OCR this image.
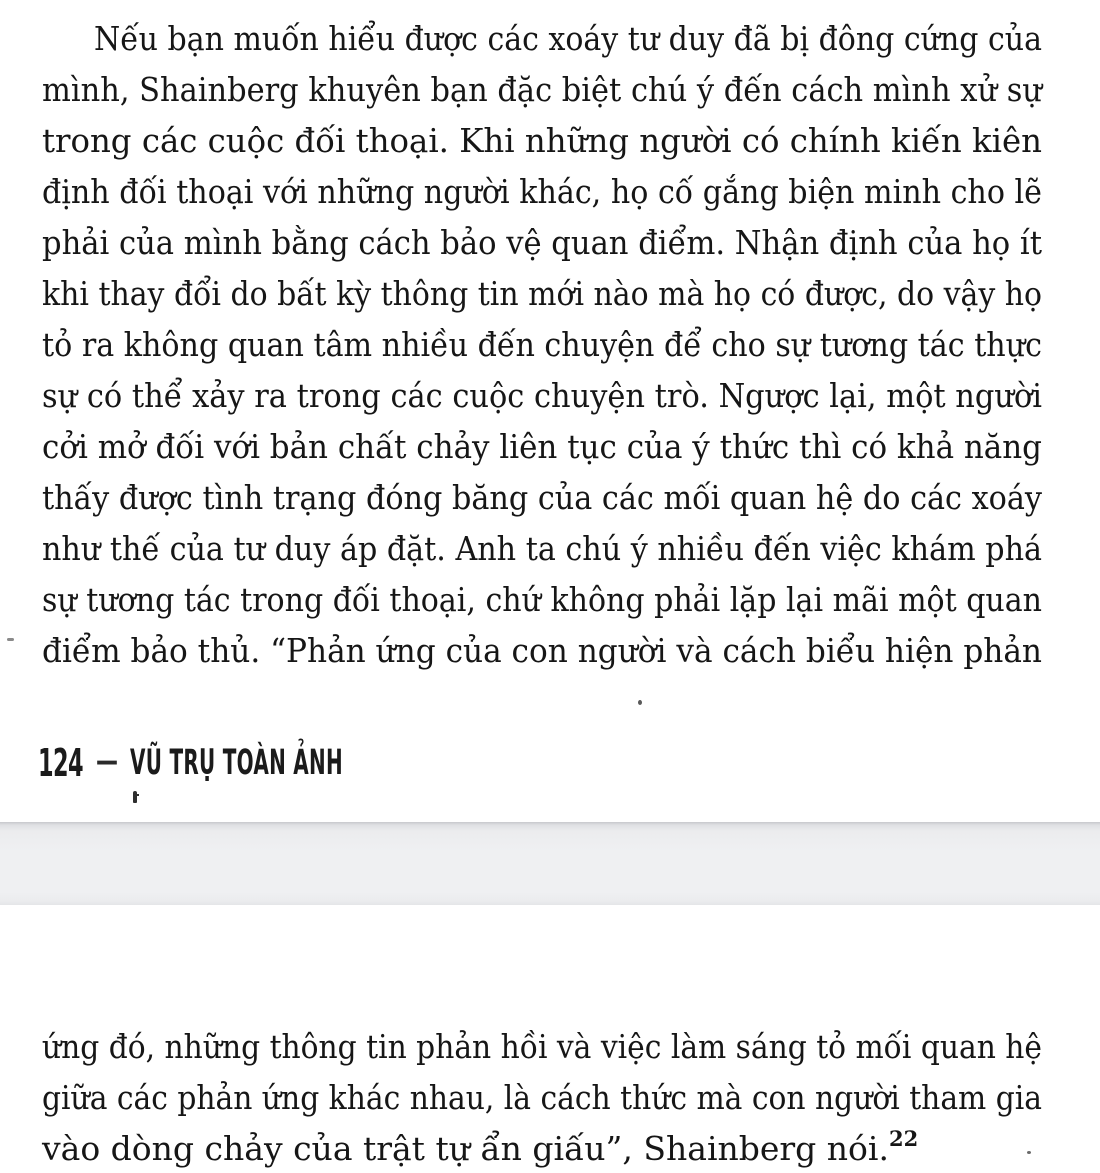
Nếu bạn muốn hiểu được các xoáy tư duy đã bị đông cứng của
mình, Shainberg khuyên bạn đặc biệt chú ý đến cách mình xử sự
trong các cuộc đối thoại. Khi những người có chính kiến kiên
định đối thoại với những người khác, họ cố gắng biện minh cho lẽ
phải của mình bằng cách bảo vệ quan điểm. Nhận định của họ ít
khi thay đổi do bất kỳ thông tin mới nào mà họ có được, do vậy họ
tỏ ra không quan tâm nhiều đến chuyện để cho sự tương tác thực
sự có thể xảy ra trong các cuộc chuyện trò. Ngược lại, một người
cởi mở đối với bản chất chảy liên tục của ý thức thì có khả năng
thấy được tình trạng đóng băng của các mối quan hệ do các xoáy
như thế của tư duy áp đặt. Anh ta chú ý nhiều đến việc khám phá
sự tương tác trong đối thoại, chứ không phải lặp lại mãi một quan
điểm bảo thủ. “Phản ứng của con người và cách biểu hiện phản
124 — VŨ TRỤ TOÀN ẢNH
ứng đó, những thông tin phản hồi và việc làm sáng tỏ mối quan hệ
giữa các phản ứng khác nhau, là cách thức mà con người tham gia
vào dòng chảy của trật tự ẩn giấu”, Shainberg nói.$^{22}$
